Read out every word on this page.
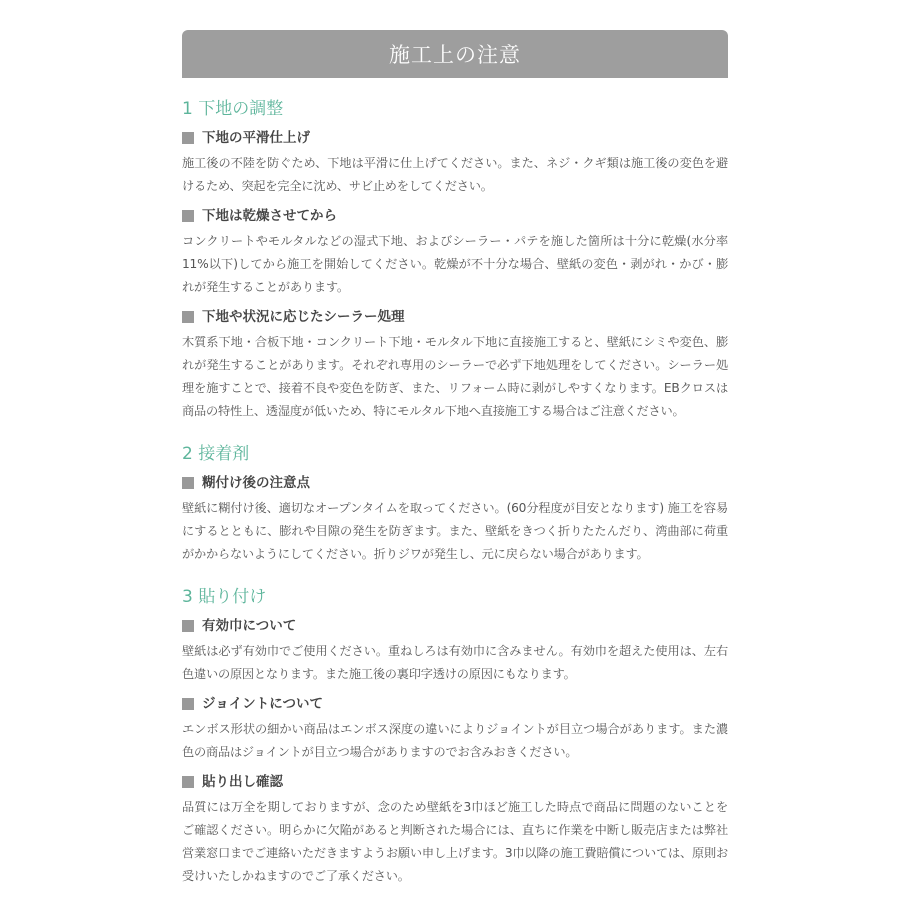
施工上の注意
1 下地の調整
下地の平滑仕上げ
施工後の不陸を防ぐため、下地は平滑に仕上げてください。また、ネジ・クギ類は施工後の変色を避けるため、突起を完全に沈め、サビ止めをしてください。
下地は乾燥させてから
コンクリートやモルタルなどの湿式下地、およびシーラー・パテを施した箇所は十分に乾燥(水分率11%以下)してから施工を開始してください。乾燥が不十分な場合、壁紙の変色・剥がれ・かび・膨れが発生することがあります。
下地や状況に応じたシーラー処理
木質系下地・合板下地・コンクリート下地・モルタル下地に直接施工すると、壁紙にシミや変色、膨れが発生することがあります。それぞれ専用のシーラーで必ず下地処理をしてください。シーラー処理を施すことで、接着不良や変色を防ぎ、また、リフォーム時に剥がしやすくなります。EBクロスは商品の特性上、透湿度が低いため、特にモルタル下地へ直接施工する場合はご注意ください。
2 接着剤
糊付け後の注意点
壁紙に糊付け後、適切なオープンタイムを取ってください。(60分程度が目安となります) 施工を容易にするとともに、膨れや目隙の発生を防ぎます。また、壁紙をきつく折りたたんだり、湾曲部に荷重がかからないようにしてください。折りジワが発生し、元に戻らない場合があります。
3 貼り付け
有効巾について
壁紙は必ず有効巾でご使用ください。重ねしろは有効巾に含みません。有効巾を超えた使用は、左右色違いの原因となります。また施工後の裏印字透けの原因にもなります。
ジョイントについて
エンボス形状の細かい商品はエンボス深度の違いによりジョイントが目立つ場合があります。また濃色の商品はジョイントが目立つ場合がありますのでお含みおきください。
貼り出し確認
品質には万全を期しておりますが、念のため壁紙を3巾ほど施工した時点で商品に問題のないことをご確認ください。明らかに欠陥があると判断された場合には、直ちに作業を中断し販売店または弊社営業窓口までご連絡いただきますようお願い申し上げます。3巾以降の施工費賠償については、原則お受けいたしかねますのでご了承ください。
